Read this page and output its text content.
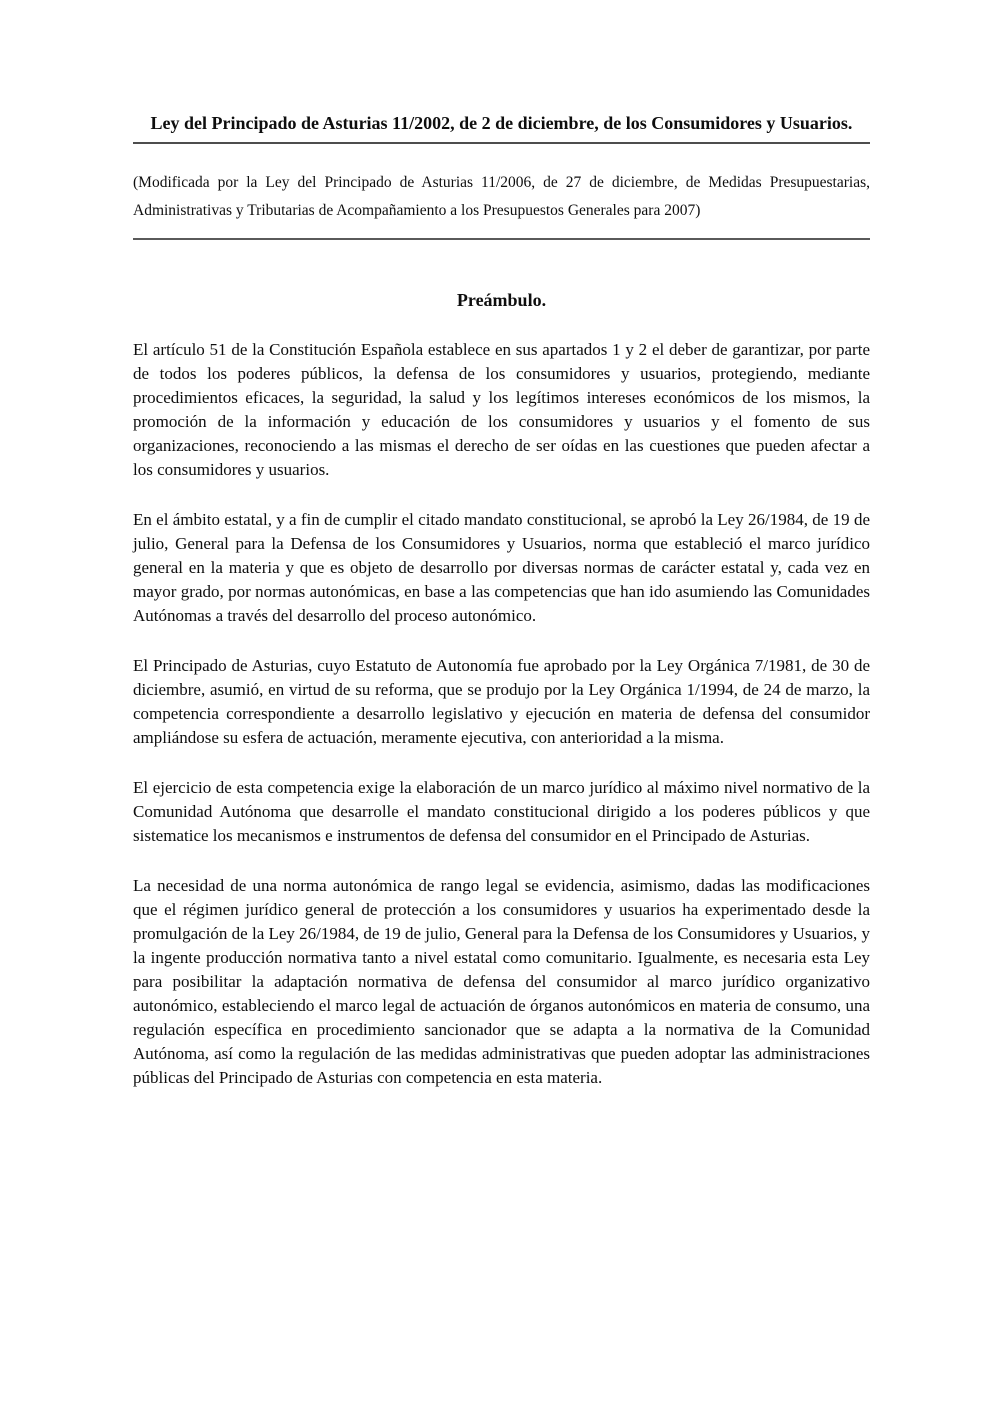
Ley del Principado de Asturias 11/2002, de 2 de diciembre, de los Consumidores y Usuarios.

(Modificada por la Ley del Principado de Asturias 11/2006, de 27 de diciembre, de Medidas Presupuestarias, Administrativas y Tributarias de Acompañamiento a los Presupuestos Generales para 2007)

Preámbulo.

El artículo 51 de la Constitución Española establece en sus apartados 1 y 2 el deber de garantizar, por parte de todos los poderes públicos, la defensa de los consumidores y usuarios, protegiendo, mediante procedimientos eficaces, la seguridad, la salud y los legítimos intereses económicos de los mismos, la promoción de la información y educación de los consumidores y usuarios y el fomento de sus organizaciones, reconociendo a las mismas el derecho de ser oídas en las cuestiones que pueden afectar a los consumidores y usuarios.

En el ámbito estatal, y a fin de cumplir el citado mandato constitucional, se aprobó la Ley 26/1984, de 19 de julio, General para la Defensa de los Consumidores y Usuarios, norma que estableció el marco jurídico general en la materia y que es objeto de desarrollo por diversas normas de carácter estatal y, cada vez en mayor grado, por normas autonómicas, en base a las competencias que han ido asumiendo las Comunidades Autónomas a través del desarrollo del proceso autonómico.

El Principado de Asturias, cuyo Estatuto de Autonomía fue aprobado por la Ley Orgánica 7/1981, de 30 de diciembre, asumió, en virtud de su reforma, que se produjo por la Ley Orgánica 1/1994, de 24 de marzo, la competencia correspondiente a desarrollo legislativo y ejecución en materia de defensa del consumidor ampliándose su esfera de actuación, meramente ejecutiva, con anterioridad a la misma.

El ejercicio de esta competencia exige la elaboración de un marco jurídico al máximo nivel normativo de la Comunidad Autónoma que desarrolle el mandato constitucional dirigido a los poderes públicos y que sistematice los mecanismos e instrumentos de defensa del consumidor en el Principado de Asturias.

La necesidad de una norma autonómica de rango legal se evidencia, asimismo, dadas las modificaciones que el régimen jurídico general de protección a los consumidores y usuarios ha experimentado desde la promulgación de la Ley 26/1984, de 19 de julio, General para la Defensa de los Consumidores y Usuarios, y la ingente producción normativa tanto a nivel estatal como comunitario. Igualmente, es necesaria esta Ley para posibilitar la adaptación normativa de defensa del consumidor al marco jurídico organizativo autonómico, estableciendo el marco legal de actuación de órganos autonómicos en materia de consumo, una regulación específica en procedimiento sancionador que se adapta a la normativa de la Comunidad Autónoma, así como la regulación de las medidas administrativas que pueden adoptar las administraciones públicas del Principado de Asturias con competencia en esta materia.
